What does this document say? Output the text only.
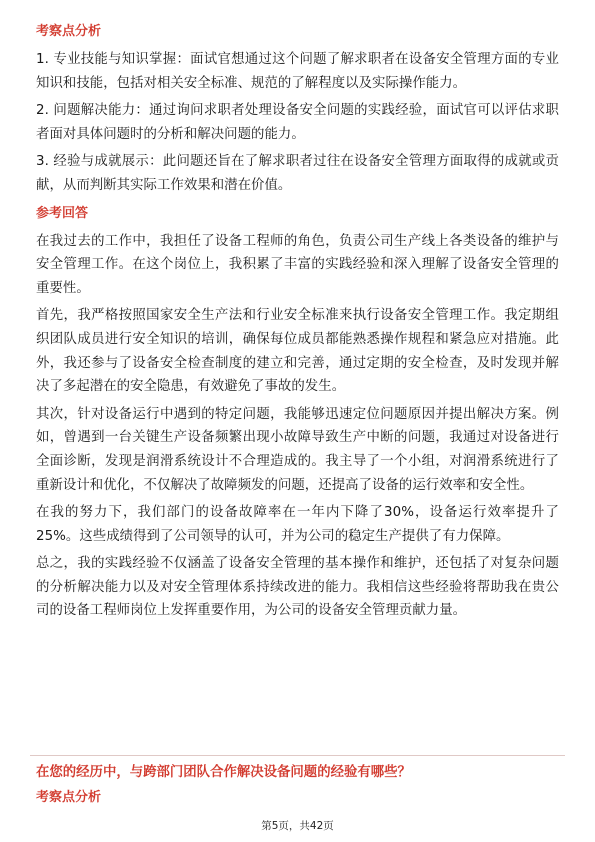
考察点分析
1. 专业技能与知识掌握：面试官想通过这个问题了解求职者在设备安全管理方面的专业知识和技能，包括对相关安全标准、规范的了解程度以及实际操作能力。
2. 问题解决能力：通过询问求职者处理设备安全问题的实践经验，面试官可以评估求职者面对具体问题时的分析和解决问题的能力。
3. 经验与成就展示：此问题还旨在了解求职者过往在设备安全管理方面取得的成就或贡献，从而判断其实际工作效果和潜在价值。
参考回答
在我过去的工作中，我担任了设备工程师的角色，负责公司生产线上各类设备的维护与安全管理工作。在这个岗位上，我积累了丰富的实践经验和深入理解了设备安全管理的重要性。
首先，我严格按照国家安全生产法和行业安全标准来执行设备安全管理工作。我定期组织团队成员进行安全知识的培训，确保每位成员都能熟悉操作规程和紧急应对措施。此外，我还参与了设备安全检查制度的建立和完善，通过定期的安全检查，及时发现并解决了多起潜在的安全隐患，有效避免了事故的发生。
其次，针对设备运行中遇到的特定问题，我能够迅速定位问题原因并提出解决方案。例如，曾遇到一台关键生产设备频繁出现小故障导致生产中断的问题，我通过对设备进行全面诊断，发现是润滑系统设计不合理造成的。我主导了一个小组，对润滑系统进行了重新设计和优化，不仅解决了故障频发的问题，还提高了设备的运行效率和安全性。
在我的努力下，我们部门的设备故障率在一年内下降了30%，设备运行效率提升了25%。这些成绩得到了公司领导的认可，并为公司的稳定生产提供了有力保障。
总之，我的实践经验不仅涵盖了设备安全管理的基本操作和维护，还包括了对复杂问题的分析解决能力以及对安全管理体系持续改进的能力。我相信这些经验将帮助我在贵公司的设备工程师岗位上发挥重要作用，为公司的设备安全管理贡献力量。
在您的经历中，与跨部门团队合作解决设备问题的经验有哪些？
考察点分析
第5页，共42页
